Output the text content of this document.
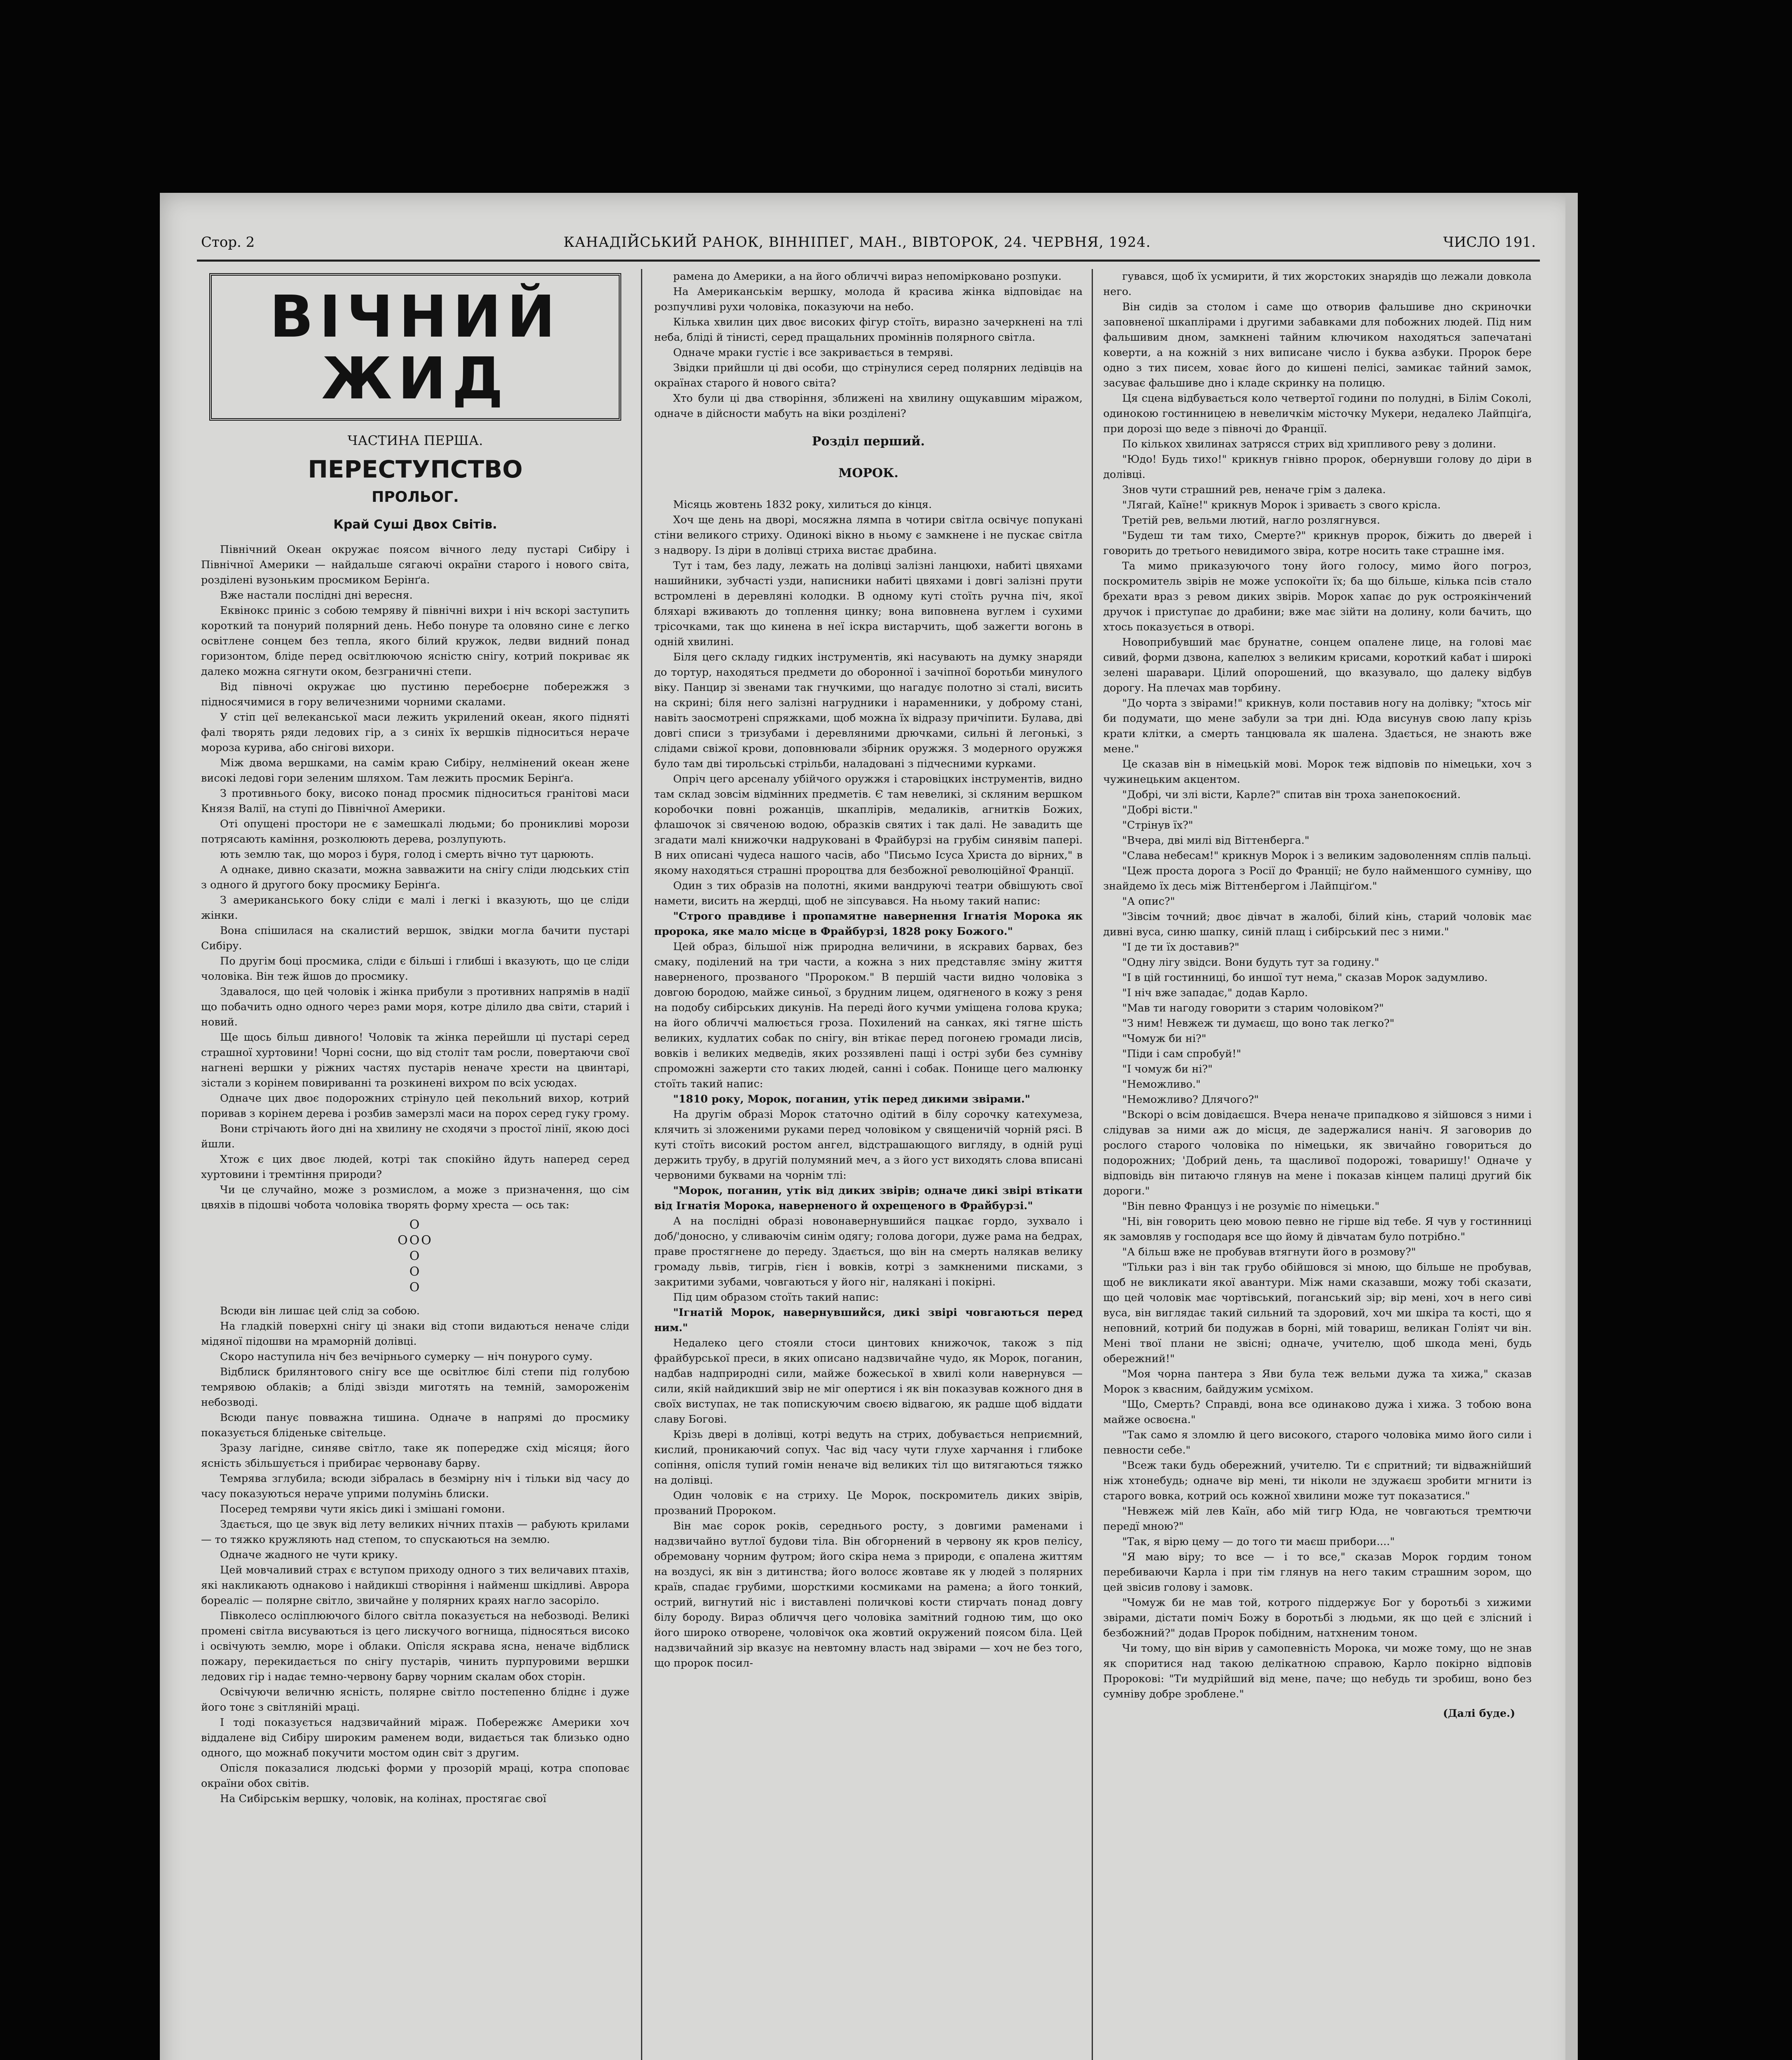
Стор. 2	КАНАДІЙСЬКИЙ РАНОК, ВІННІПЕГ, МАН., ВІВТОРОК, 24. ЧЕРВНЯ, 1924.	ЧИСЛО 191.
ВІЧНИЙ ЖИД
ЧАСТИНА ПЕРША.
ПЕРЕСТУПСТВО
ПРОЛЬОГ.
Край Суші Двох Світів.

Північний Океан окружає поясом вічного леду пустарі Сибіру і Північної Америки — найдальше сягаючі окраїни старого і нового світа, розділені вузоньким просмиком Берінґа.

Вже настали послідні дні вересня.

Еквінокс приніс з собою темряву й північні вихри і ніч вскорі заступить короткий та понурий полярний день. Небо понуре та оловяно сине є легко освітлене сонцем без тепла, якого білий кружок, ледви видний понад горизонтом, бліде перед освітлюючою ясністю снігу, котрий покриває як далеко можна сягнути оком, безграничні степи.

Від півночі окружає цю пустиню перебоєрне побережжя з підносячимися в гору величезними чорними скалами.

У стіп цеї велеканської маси лежить укрилений океан, якого підняті фалі творять ряди ледових гір, а з синіх їх вершків підноситься нераче мороза курива, або снігові вихори.

Між двома вершками, на самім краю Сибіру, нелмінений океан жене високі ледові гори зеленим шляхом. Там лежить просмик Берінґа.

З противнього боку, високо понад просмик підноситься гранітові маси Князя Валії, на ступі до Північної Америки.

Оті опущені простори не є замешкалі людьми; бо проникливі морози потрясають каміння, розколюють дерева, розлупують.

ють землю так, що мороз і буря, голод і смерть вічно тут царюють.

А однаке, дивно сказати, можна завважити на снігу сліди людських стіп з одного й другого боку просмику Берінґа.

З американського боку сліди є малі і легкі і вказують, що це сліди жінки.

Вона спішилася на скалистий вершок, звідки могла бачити пустарі Сибіру.

По другім боці просмика, сліди є більші і глибші і вказують, що це сліди чоловіка. Він теж йшов до просмику.

Здавалося, що цей чоловік і жінка прибули з противних напрямів в надії що побачить одно одного через рами моря, котре ділило два світи, старий і новий.

Ще щось більш дивного! Чоловік та жінка перейшли ці пустарі серед страшної хуртовини! Чорні сосни, що від століт там росли, повертаючи свої нагнені вершки у ріжних частях пустарів неначе хрести на цвинтарі, зістали з корінем повириванні та розкинені вихром по всіх усюдах.

Одначе цих двоє подорожних стрінуло цей пекольний вихор, котрий поривав з корінем дерева і розбив замерзлі маси на порох серед гуку грому.

Вони стрічають його дні на хвилину не сходячи з простої лінії, якою досі йшли.

Хтож є цих двоє людей, котрі так спокійно йдуть наперед серед хуртовини і тремтіння природи?

Чи це случайно, може з розмислом, а може з призначення, що сім цвяхів в підошві чобота чоловіка творять форму хреста — ось так:

О
ООО
О
О
О

Всюди він лишає цей слід за собою.

На гладкій поверхні снігу ці знаки від стопи видаються неначе сліди мідяної підошви на мраморній долівці.

Скоро наступила ніч без вечірнього сумерку — ніч понурого суму.

Відблиск брилянтового снігу все ще освітлює білі степи під голубою темрявою облаків; а бліді звізди миготять на темній, замороженім небозводі.

Всюди панує повважна тишина. Одначе в напрямі до просмику показується бліденьке світельце.

Зразу лагідне, синяве світло, таке як попередже схід місяця; його ясність збільшується і прибирає червонаву барву.

Темрява зглубила; всюди зібралась в безмірну ніч і тільки від часу до часу показуються нераче уприми полумінь блиски.

Посеред темряви чути якісь дикі і змішані гомони.

Здається, що це звук від лету великих нічних птахів — рабують крилами — то тяжко кружляють над степом, то спускаються на землю.

Одначе жадного не чути крику.

Цей мовчаливий страх є вступом приходу одного з тих величавих птахів, які накликають однаково і найдикші створіння і найменш шкідливі. Аврора бореаліс — полярне світло, звичайне у полярних краях нагло засоріло.

Півколесо осліплюючого білого світла показується на небозводі. Великі промені світла висуваються із цего лискучого вогнища, підносяться високо і освічують землю, море і облаки. Опісля яскрава ясна, неначе відблиск пожару, перекидається по снігу пустарів, чинить пурпуровими вершки ледових гір і надає темно-червону барву чорним скалам обох сторін.

Освічуючи величню ясність, полярне світло постепенно бліднє і дуже його тонє з світлянійі мраці.

І тоді показується надзвичайний міраж. Побережжє Америки хоч віддалене від Сибіру широким раменем води, видається так близько одно одного, що можнаб покучити мостом один світ з другим.

Опісля показалися людські форми у прозорій мраці, котра споповає окраїни обох світів.

На Сибірськім вершку, чоловік, на колінах, простягає свої

рамена до Америки, а на його обличчі вираз непомірковано розпуки.

На Американськім вершку, молода й красива жінка відповідає на розпучливі рухи чоловіка, показуючи на небо.

Кілька хвилин цих двоє високих фігур стоїть, виразно зачеркнені на тлі неба, бліді й тінисті, серед пращальних проміннів полярного світла.

Одначе мраки густіє і все закривається в темряві.

Звідки прийшли ці дві особи, що стрінулися серед полярних ледівців на окраїнах старого й нового світа?

Хто були ці два створіння, зближені на хвилину ощукавшим міражом, одначе в дійсности мабуть на віки розділені?

Розділ перший.
МОРОК.

Місяць жовтень 1832 року, хилиться до кінця.

Хоч ще день на дворі, мосяжна лямпа в чотири світла освічує попукані стіни великого стриху. Одинокі вікно в ньому є замкнене і не пускає світла з надвору. Із діри в долівці стриха вистає драбина.

Тут і там, без ладу, лежать на долівці залізні ланцюхи, набиті цвяхами нашийники, зубчасті узди, написники набиті цвяхами і довгі залізні прути встромлені в деревляні колодки. В одному куті стоїть ручна піч, якої бляхарі вживають до топлення цинку; вона виповнена вуглем і сухими трісочками, так що кинена в неї іскра вистарчить, щоб зажегти вогонь в одній хвилині.

Біля цего складу гидких інструментів, які насувають на думку знаряди до тортур, находяться предмети до оборонної і зачіпної боротьби минулого віку. Панцир зі звенами так гнучкими, що нагадує полотно зі сталі, висить на скрині; біля него залізні нагрудники і нараменники, у доброму стані, навіть заосмотрені спряжками, щоб можна їх відразу причіпити. Булава, дві довгі списи з тризубами і деревляними дрючками, сильні й легонькі, з слідами свіжої крови, доповнювали збірник оружжя. З модерного оружжя було там дві тирольські стрільби, наладовані з підчесними курками.

Опріч цего арсеналу убійчого оружжя і старовіцких інструментів, видно там склад зовсім відмінних предметів. Є там невеликі, зі скляним вершком коробочки повні рожанців, шкаплірів, медаликів, агнитків Божих, флашочок зі свяченою водою, образків святих і так далі. Не завадить ще згадати малі книжочки надруковані в Фрайбурзі на грубім синявім папері. В них описані чудеса нашого часів, або "Письмо Ісуса Христа до вірних," в якому находяться страшні пророцтва для безбожної революційної Франції.

Один з тих образів на полотні, якими вандруючі театри обвішують свої намети, висить на жердці, щоб не зіпсувався. На ньому такий напис:

"Строго правдиве і пропамятне навернення Ігнатія Морока як пророка, яке мало місце в Фрайбурзі, 1828 року Божого."

Цей образ, більшої ніж природна величини, в яскравих барвах, без смаку, поділений на три части, а кожна з них представляє зміну життя наверненого, прозваного "Пророком." В першій части видно чоловіка з довгою бородою, майже синьої, з брудним лицем, одягненого в кожу з реня на подобу сибірських дикунів. На переді його кучми уміщена голова крука; на його обличчі малюється гроза. Похилений на санках, які тягне шість великих, кудлатих собак по снігу, він втікає перед погонею громади лисів, вовків і великих медведів, яких роззявлені пащі і острі зуби без сумніву спроможні зажерти сто таких людей, санні і собак. Понище цего малюнку стоїть такий напис:

"1810 року, Морок, поганин, утік перед дикими звірами."

На другім образі Морок статочно одітий в білу сорочку катехумеза, клячить зі зложеними руками перед чоловіком у священичій чорній рясі. В куті стоїть високий ростом ангел, відстрашающого вигляду, в одній руці держить трубу, в другій полумяний меч, а з його уст виходять слова вписані червоними буквами на чорнім тлі:

"Морок, поганин, утік від диких звірів; одначе дикі звірі втікати від Ігнатія Морока, наверненого й охрещеного в Фрайбурзі."

А на послідні образі новонавернувшийся пацкає гордо, зухвало і доб/'доносно, у сливаючім синім одягу; голова догори, дуже рама на бедрах, праве простягнене до переду. Здається, що він на смерть налякав велику громаду львів, тигрів, гієн і вовків, котрі з замкненими писками, з закритими зубами, човгаються у його ніг, налякані і покірні.

Під цим образом стоїть такий напис:

"Ігнатій Морок, навернувшийся, дикі звірі човгаються перед ним."

Недалеко цего стояли стоси цинтових книжочок, також з під фрайбурської преси, в яких описано надзвичайне чудо, як Морок, поганин, надбав надприродні сили, майже божеської в хвилі коли навернувся — сили, якій найдикший звір не міг опертися і як він показував кожного дня в своїх виступах, не так попискуючим своєю відвагою, як радше щоб віддати славу Богові.

Крізь двері в долівці, котрі ведуть на стрих, добувається неприємний, кислий, проникаючий сопух. Час від часу чути глухе харчання і глибоке сопіння, опісля тупий гомін неначе від великих тіл що витягаються тяжко на долівці.

Один чоловік є на стриху. Це Морок, поскромитель диких звірів, прозваний Пророком.

Він має сорок років, середнього росту, з довгими раменами і надзвичайно вутлої будови тіла. Він обгорнений в червону як кров пелісу, обремовану чорним футром; його скіра нема з природи, є опалена життям на воздусі, як він з дитинства; його волосє жовтаве як у людей з полярних країв, спадає грубими, шорсткими космиками на рамена; а його тонкий, острий, вигнутий ніс і виставлені поличкові кости стирчать понад довгу білу бороду. Вираз обличчя цего чоловіка замітний годною тим, що око його широко отворене, чоловічок ока жовтий окружений поясом біла. Цей надзвичайний зір вказує на невтомну власть над звірами — хоч не без того, що пророк посил-

гувався, щоб їх усмирити, й тих жорстоких знарядів що лежали довкола него.

Він сидів за столом і саме що отворив фальшиве дно скриночки заповненої шкаплірами і другими забавками для побожних людей. Під ним фальшивим дном, замкнені тайним ключиком находяться запечатані коверти, а на кожній з них виписане число і буква азбуки. Пророк бере одно з тих писем, ховає його до кишені пелісі, замикає тайний замок, засуває фальшиве дно і кладе скринку на полицю.

Ця сцена відбувається коло четвертої години по полудні, в Білім Соколі, одинокою гостинницею в невеличкім місточку Мукери, недалеко Лайпціґа, при дорозі що веде з півночі до Франції.

По кількох хвилинах затрясся стрих від хрипливого реву з долини.

"Юдо! Будь тихо!" крикнув гнівно пророк, обернувши голову до діри в долівці.

Знов чути страшний рев, неначе грім з далека.

"Лягай, Каїне!" крикнув Морок і зриваєть з свого крісла.

Третій рев, вельми лютий, нагло розлягнувся.

"Будеш ти там тихо, Смерте?" крикнув пророк, біжить до дверей і говорить до третього невидимого звіра, котре носить таке страшне імя.

Та мимо приказуючого тону його голосу, мимо його погроз, поскромитель звірів не може успокоїти їх; ба що більше, кілька псів стало брехати враз з ревом диких звірів. Морок хапає до рук остроякінчений дручок і приступає до драбини; вже має зійти на долину, коли бачить, що хтось показується в отворі.

Новоприбувший має брунатне, сонцем опалене лице, на голові має сивий, форми дзвона, капелюх з великим крисами, короткий кабат і широкі зелені шаравари. Цілий опорошений, що вказувало, що далеку відбув дорогу. На плечах мав торбину.

"До чорта з звірами!" крикнув, коли поставив ногу на долівку; "хтось міг би подумати, що мене забули за три дні. Юда висунув свою лапу крізь крати клітки, а смерть танцювала як шалена. Здається, не знають вже мене."

Це сказав він в німецькій мові. Морок теж відповів по німецьки, хоч з чужинецьким акцентом.

"Добрі, чи злі вісти, Карле?" спитав він троха занепокоєний.

"Добрі вісти."

"Стрінув їх?"

"Вчера, дві милі від Віттенберга."

"Слава небесам!" крикнув Морок і з великим задоволенням сплів пальці.

"Цеж проста дорога з Росії до Франції; не було найменшого сумніву, що знайдемо їх десь між Віттенбергом і Лайпціґом."

"А опис?"

"Зівсім точний; двоє дівчат в жалобі, білий кінь, старий чоловік має дивні вуса, синю шапку, синій плащ і сибірський пес з ними."

"І де ти їх доставив?"

"Одну лігу звідси. Вони будуть тут за годину."

"І в цій гостинниці, бо иншої тут нема," сказав Морок задумливо.

"І ніч вже западає," додав Карло.

"Мав ти нагоду говорити з старим чоловіком?"

"З ним! Невжеж ти думаєш, що воно так легко?"

"Чомуж би ні?"

"Піди і сам спробуй!"

"І чомуж би ні?"

"Неможливо."

"Неможливо? Длячого?"

"Вскорі о всім довідаєшся. Вчера неначе припадково я зійшовся з ними і слідував за ними аж до місця, де задержалися наніч. Я заговорив до рослого старого чоловіка по німецьки, як звичайно говориться до подорожних; 'Добрий день, та щасливої подорожі, товаришу!' Одначе у відповідь він питаючо глянув на мене і показав кінцем палиці другий бік дороги."

"Він певно Француз і не розуміє по німецьки."

"Ні, він говорить цею мовою певно не гірше від тебе. Я чув у гостинниці як замовляв у господаря все що йому й дівчатам було потрібно."

"А більш вже не пробував втягнути його в розмову?"

"Тільки раз і він так грубо обійшовся зі мною, що більше не пробував, щоб не викликати якої авантури. Між нами сказавши, можу тобі сказати, що цей чоловік має чортівський, поганський зір; вір мені, хоч в него сиві вуса, він виглядає такий сильний та здоровий, хоч ми шкіра та кості, що я неповний, котрий би подужав в борні, мій товариш, великан Голіят чи він. Мені твої плани не звісні; одначе, учителю, щоб шкода мені, будь обережний!"

"Моя чорна пантера з Яви була теж вельми дужа та хижа," сказав Морок з квасним, байдужим усміхом.

"Що, Смерть? Справді, вона все одинаково дужа і хижа. З тобою вона майже освоєна."

"Так само я зломлю й цего високого, старого чоловіка мимо його сили і певности себе."

"Всеж таки будь обережний, учителю. Ти є спритний; ти відважнійший ніж хтонебудь; одначе вір мені, ти ніколи не здужаєш зробити мгнити із старого вовка, котрий ось кожної хвилини може тут показатися."

"Невжеж мій лев Каїн, або мій тигр Юда, не човгаються тремтючи передї мною?"

"Так, я вірю цему — до того ти маєш прибори...."

"Я маю віру; то все — і то все," сказав Морок гордим тоном перебиваючи Карла і при тім глянув на него таким страшним зором, що цей звісив голову і замовк.

"Чомуж би не мав той, котрого піддержує Бог у боротьбі з хижими звірами, дістати поміч Божу в боротьбі з людьми, як що цей є злісний і безбожний?" додав Пророк побідним, натхненим тоном.

Чи тому, що він вірив у самопевність Морока, чи може тому, що не знав як споритися над такою делікатною справою, Карло покірно відповів Пророкові: "Ти мудрійший від мене, паче; що небудь ти зробиш, воно без сумніву добре зроблене."

(Далі буде.)
